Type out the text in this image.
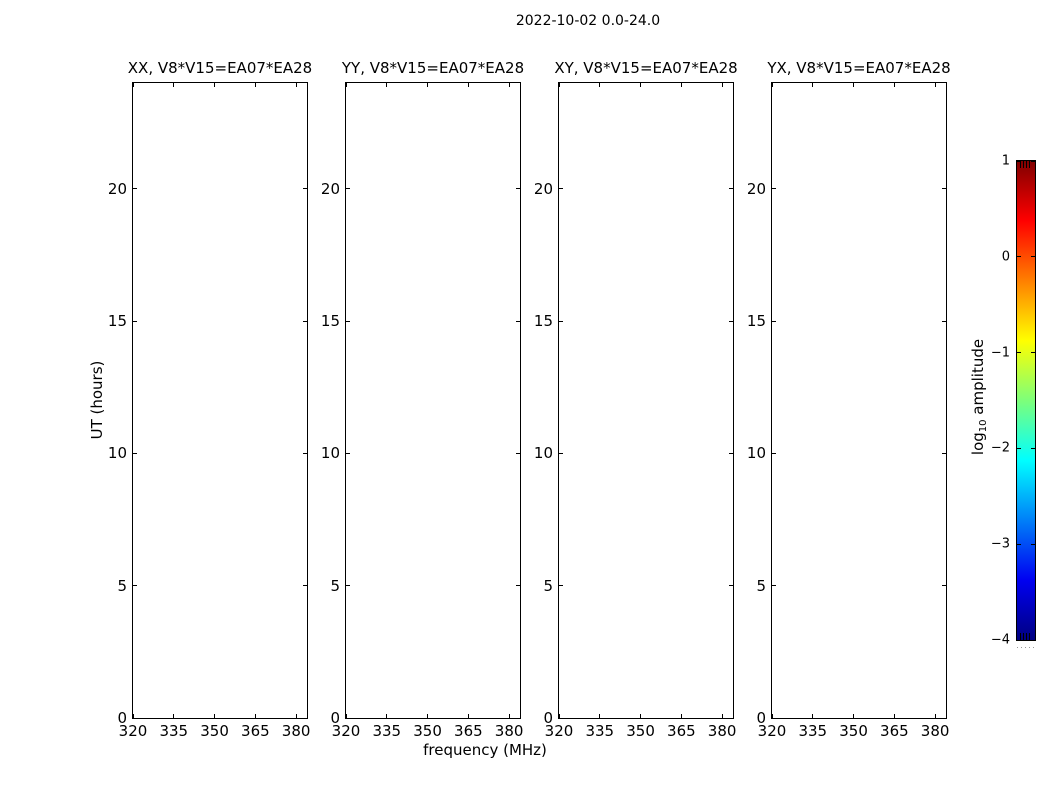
2022-10-02 0.0-24.0
XX, V8*V15=EA07*EA28
320 335 350 365 380
0
5
10
15
20
YY, V8*V15=EA07*EA28
320 335 350 365 380
0
5
10
15
20
XY, V8*V15=EA07*EA28
320 335 350 365 380
0
5
10
15
20
YX, V8*V15=EA07*EA28
320 335 350 365 380
0
5
10
15
20
UT (hours)
frequency (MHz)
1
0
−1
−2
−3
−4
$\log_{10}$ amplitude
